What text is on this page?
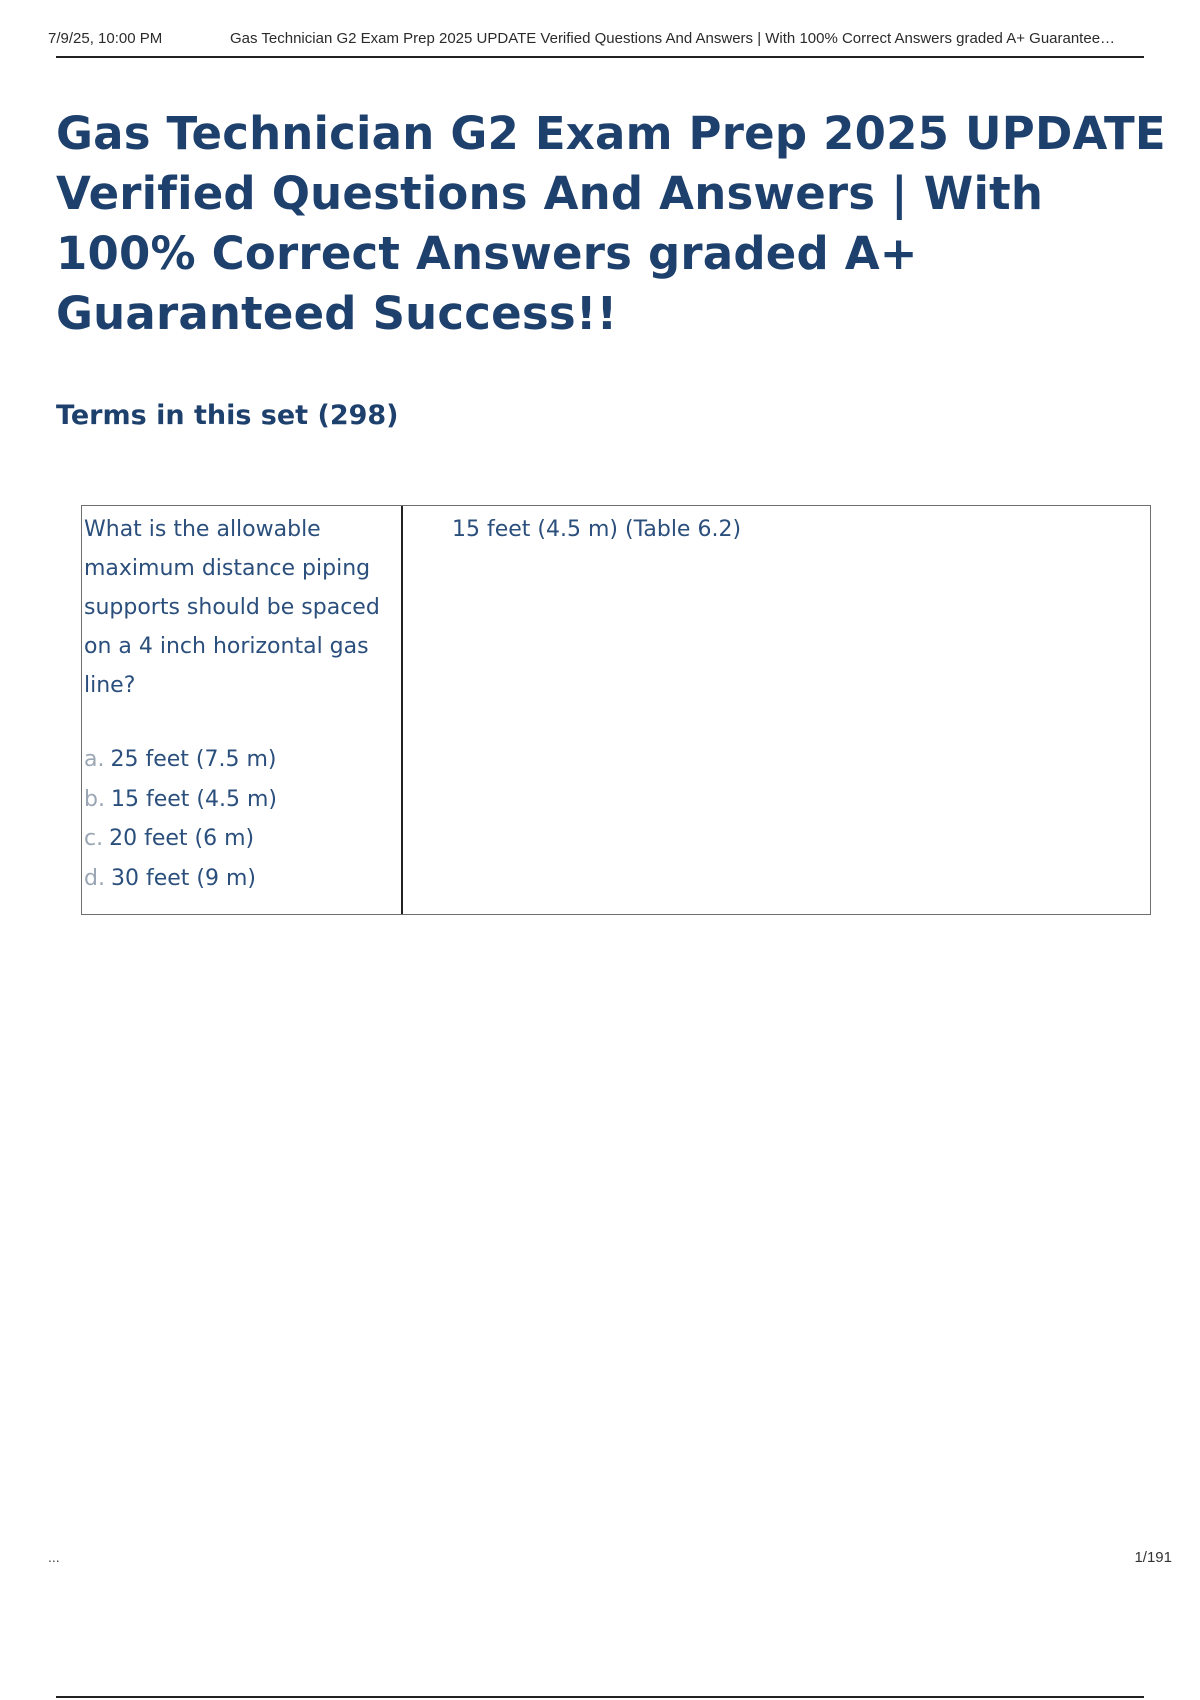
7/9/25, 10:00 PM	Gas Technician G2 Exam Prep 2025 UPDATE Verified Questions And Answers | With 100% Correct Answers graded A+ Guarantee…
Gas Technician G2 Exam Prep 2025 UPDATE Verified Questions And Answers | With 100% Correct Answers graded A+ Guaranteed Success!!
Terms in this set (298)
What is the allowable maximum distance piping supports should be spaced on a 4 inch horizontal gas line?
a. 25 feet (7.5 m)
b. 15 feet (4.5 m)
c. 20 feet (6 m)
d. 30 feet (9 m)
15 feet (4.5 m) (Table 6.2)
...	1/191
